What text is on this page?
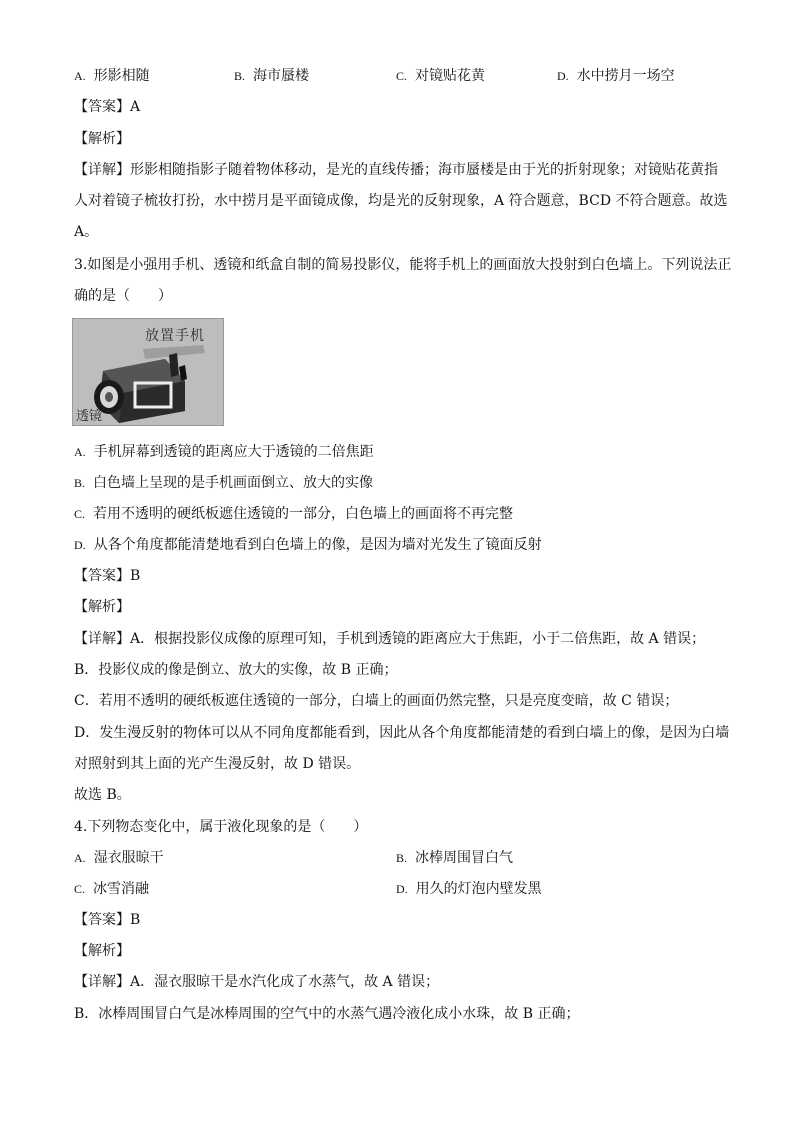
A. 形影相随	B. 海市蜃楼	C. 对镜贴花黄	D. 水中捞月一场空
【答案】A
【解析】
【详解】形影相随指影子随着物体移动，是光的直线传播；海市蜃楼是由于光的折射现象；对镜贴花黄指
人对着镜子梳妆打扮，水中捞月是平面镜成像，均是光的反射现象，A 符合题意，BCD 不符合题意。故选
A。
3.如图是小强用手机、透镜和纸盒自制的简易投影仪，能将手机上的画面放大投射到白色墙上。下列说法正
确的是（　　）
放置手机
透镜
A. 手机屏幕到透镜的距离应大于透镜的二倍焦距
B. 白色墙上呈现的是手机画面倒立、放大的实像
C. 若用不透明的硬纸板遮住透镜的一部分，白色墙上的画面将不再完整
D. 从各个角度都能清楚地看到白色墙上的像，是因为墙对光发生了镜面反射
【答案】B
【解析】
【详解】A．根据投影仪成像的原理可知，手机到透镜的距离应大于焦距，小于二倍焦距，故 A 错误；
B．投影仪成的像是倒立、放大的实像，故 B 正确；
C．若用不透明的硬纸板遮住透镜的一部分，白墙上的画面仍然完整，只是亮度变暗，故 C 错误；
D．发生漫反射的物体可以从不同角度都能看到，因此从各个角度都能清楚的看到白墙上的像，是因为白墙
对照射到其上面的光产生漫反射，故 D 错误。
故选 B。
4.下列物态变化中，属于液化现象的是（　　）
A. 湿衣服晾干	B. 冰棒周围冒白气
C. 冰雪消融	D. 用久的灯泡内壁发黑
【答案】B
【解析】
【详解】A．湿衣服晾干是水汽化成了水蒸气，故 A 错误；
B．冰棒周围冒白气是冰棒周围的空气中的水蒸气遇冷液化成小水珠，故 B 正确；
